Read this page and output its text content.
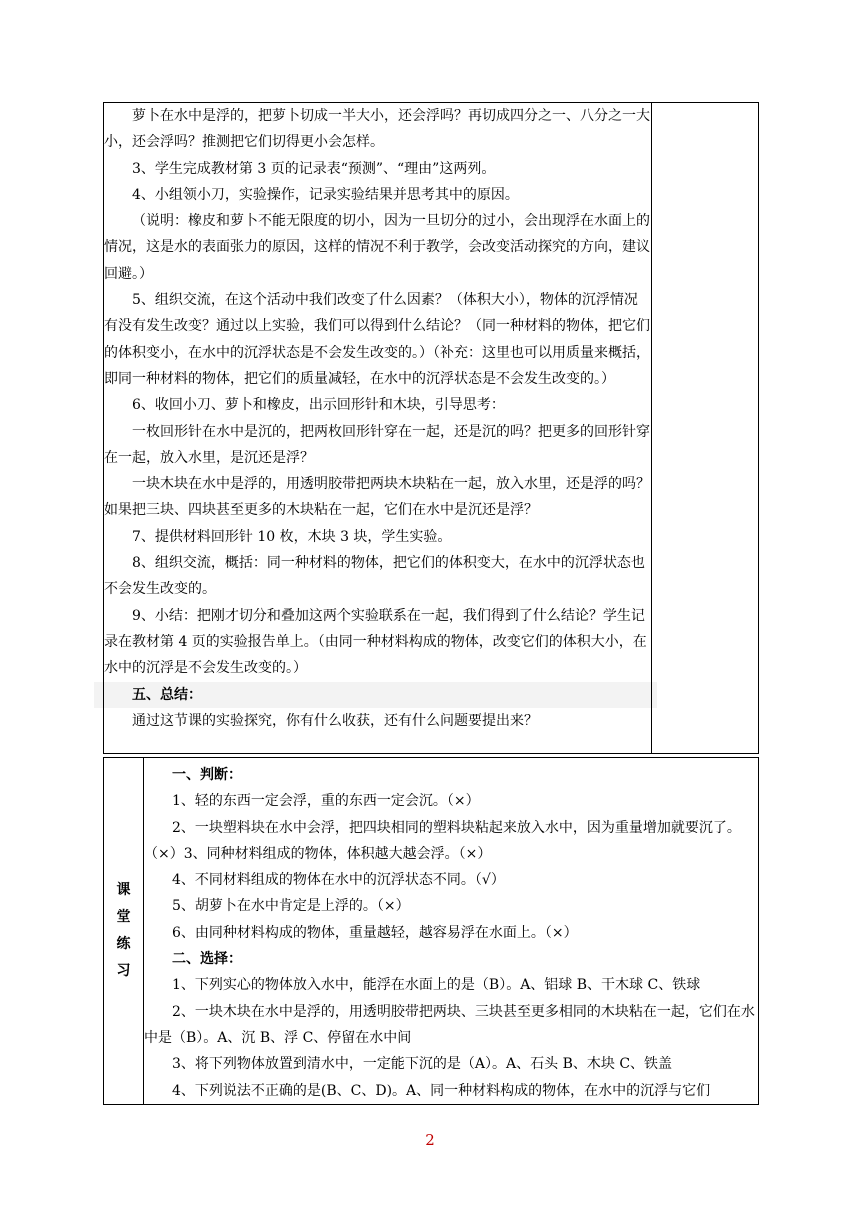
萝卜在水中是浮的，把萝卜切成一半大小，还会浮吗？再切成四分之一、八分之一大小，还会浮吗？推测把它们切得更小会怎样。

3、学生完成教材第 3 页的记录表“预测”、“理由”这两列。

4、小组领小刀，实验操作，记录实验结果并思考其中的原因。

（说明：橡皮和萝卜不能无限度的切小，因为一旦切分的过小，会出现浮在水面上的情况，这是水的表面张力的原因，这样的情况不利于教学，会改变活动探究的方向，建议回避。）

5、组织交流，在这个活动中我们改变了什么因素？（体积大小），物体的沉浮情况有没有发生改变？通过以上实验，我们可以得到什么结论？（同一种材料的物体，把它们的体积变小，在水中的沉浮状态是不会发生改变的。）（补充：这里也可以用质量来概括，即同一种材料的物体，把它们的质量减轻，在水中的沉浮状态是不会发生改变的。）

6、收回小刀、萝卜和橡皮，出示回形针和木块，引导思考：

一枚回形针在水中是沉的，把两枚回形针穿在一起，还是沉的吗？把更多的回形针穿在一起，放入水里，是沉还是浮？

一块木块在水中是浮的，用透明胶带把两块木块粘在一起，放入水里，还是浮的吗？如果把三块、四块甚至更多的木块粘在一起，它们在水中是沉还是浮？

7、提供材料回形针 10 枚，木块 3 块，学生实验。

8、组织交流，概括：同一种材料的物体，把它们的体积变大，在水中的沉浮状态也不会发生改变的。

9、小结：把刚才切分和叠加这两个实验联系在一起，我们得到了什么结论？学生记录在教材第 4 页的实验报告单上。（由同一种材料构成的物体，改变它们的体积大小，在水中的沉浮是不会发生改变的。）

五、总结：

通过这节课的实验探究，你有什么收获，还有什么问题要提出来？

课
堂
练
习

一、判断：

1、轻的东西一定会浮，重的东西一定会沉。（×）

2、一块塑料块在水中会浮，把四块相同的塑料块粘起来放入水中，因为重量增加就要沉了。（×）3、同种材料组成的物体，体积越大越会浮。（×）

4、不同材料组成的物体在水中的沉浮状态不同。（√）

5、胡萝卜在水中肯定是上浮的。（×）

6、由同种材料构成的物体，重量越轻，越容易浮在水面上。（×）

二、选择：

1、下列实心的物体放入水中，能浮在水面上的是（B）。A、铝球 B、干木球 C、铁球

2、一块木块在水中是浮的，用透明胶带把两块、三块甚至更多相同的木块粘在一起，它们在水中是（B）。A、沉 B、浮 C、停留在水中间

3、将下列物体放置到清水中，一定能下沉的是（A）。A、石头 B、木块 C、铁盖

4、下列说法不正确的是(B、C、D)。A、同一种材料构成的物体，在水中的沉浮与它们

2
